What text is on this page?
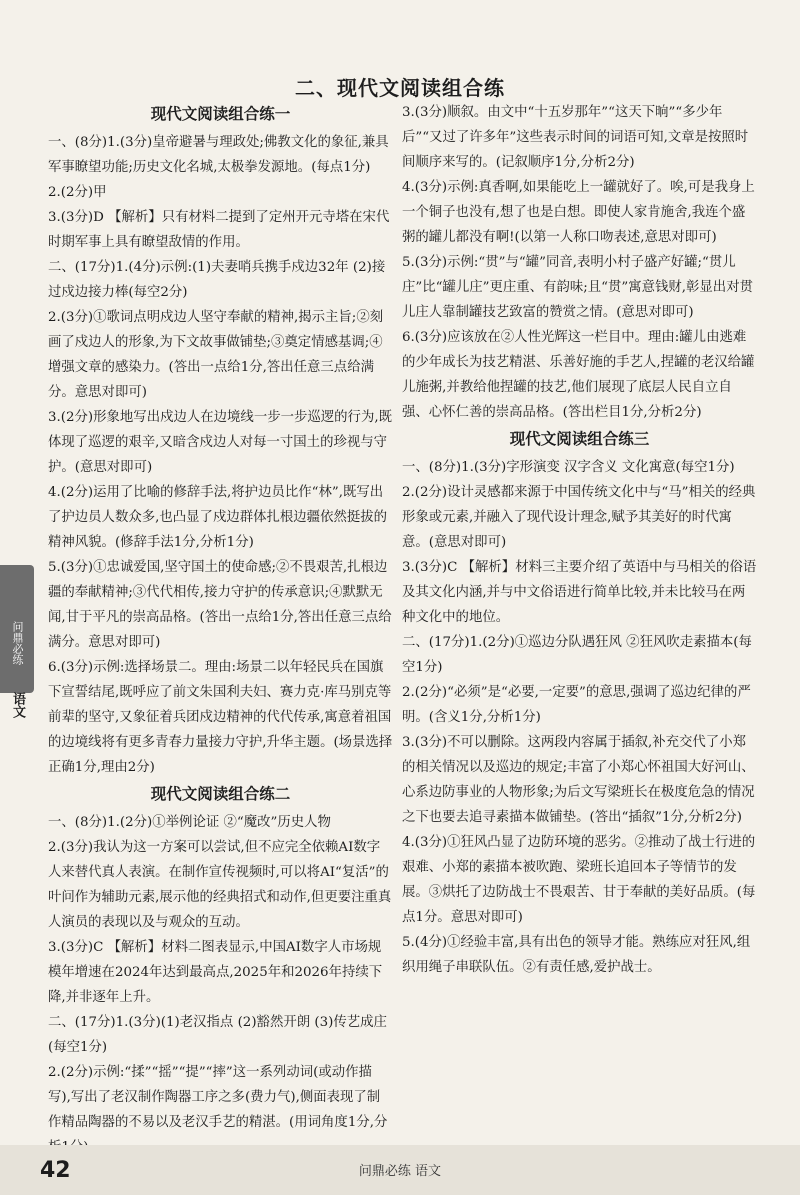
二、现代文阅读组合练
现代文阅读组合练一

一、(8分)1.(3分)皇帝避暑与理政处;佛教文化的象征,兼具军事瞭望功能;历史文化名城,太极拳发源地。(每点1分)

2.(2分)甲

3.(3分)D 【解析】只有材料二提到了定州开元寺塔在宋代时期军事上具有瞭望敌情的作用。

二、(17分)1.(4分)示例:(1)夫妻哨兵携手戍边32年 (2)接过戍边接力棒(每空2分)

2.(3分)①歌词点明戍边人坚守奉献的精神,揭示主旨;②刻画了戍边人的形象,为下文故事做铺垫;③奠定情感基调;④增强文章的感染力。(答出一点给1分,答出任意三点给满分。意思对即可)

3.(2分)形象地写出戍边人在边境线一步一步巡逻的行为,既体现了巡逻的艰辛,又暗含戍边人对每一寸国土的珍视与守护。(意思对即可)

4.(2分)运用了比喻的修辞手法,将护边员比作“林”,既写出了护边员人数众多,也凸显了戍边群体扎根边疆依然挺拔的精神风貌。(修辞手法1分,分析1分)

5.(3分)①忠诚爱国,坚守国土的使命感;②不畏艰苦,扎根边疆的奉献精神;③代代相传,接力守护的传承意识;④默默无闻,甘于平凡的崇高品格。(答出一点给1分,答出任意三点给满分。意思对即可)

6.(3分)示例:选择场景二。理由:场景二以年轻民兵在国旗下宣誓结尾,既呼应了前文朱国利夫妇、赛力克·库马别克等前辈的坚守,又象征着兵团戍边精神的代代传承,寓意着祖国的边境线将有更多青春力量接力守护,升华主题。(场景选择正确1分,理由2分)

现代文阅读组合练二

一、(8分)1.(2分)①举例论证 ②“魔改”历史人物

2.(3分)我认为这一方案可以尝试,但不应完全依赖AI数字人来替代真人表演。在制作宣传视频时,可以将AI“复活”的叶问作为辅助元素,展示他的经典招式和动作,但更要注重真人演员的表现以及与观众的互动。

3.(3分)C 【解析】材料二图表显示,中国AI数字人市场规模年增速在2024年达到最高点,2025年和2026年持续下降,并非逐年上升。

二、(17分)1.(3分)(1)老汉指点 (2)豁然开朗 (3)传艺成庄(每空1分)

2.(2分)示例:“揉”“摇”“提”“摔”这一系列动词(或动作描写),写出了老汉制作陶器工序之多(费力气),侧面表现了制作精品陶器的不易以及老汉手艺的精湛。(用词角度1分,分

3.(3分)顺叙。由文中“十五岁那年”“这天下晌”“多少年后”“又过了许多年”这些表示时间的词语可知,文章是按照时间顺序来写的。(记叙顺序1分,分析2分)

4.(3分)示例:真香啊,如果能吃上一罐就好了。唉,可是我身上一个铜子也没有,想了也是白想。即使人家肯施舍,我连个盛粥的罐儿都没有啊!(以第一人称口吻表述,意思对即可)

5.(3分)示例:“贯”与“罐”同音,表明小村子盛产好罐;“贯儿庄”比“罐儿庄”更庄重、有韵味;且“贯”寓意钱财,彰显出对贯儿庄人靠制罐技艺致富的赞赏之情。(意思对即可)

6.(3分)应该放在②人性光辉这一栏目中。理由:罐儿由逃难的少年成长为技艺精湛、乐善好施的手艺人,捏罐的老汉给罐儿施粥,并教给他捏罐的技艺,他们展现了底层人民自立自强、心怀仁善的崇高品格。(答出栏目1分,分析2分)

现代文阅读组合练三

一、(8分)1.(3分)字形演变 汉字含义 文化寓意(每空1分)

2.(2分)设计灵感都来源于中国传统文化中与“马”相关的经典形象或元素,并融入了现代设计理念,赋予其美好的时代寓意。(意思对即可)

3.(3分)C 【解析】材料三主要介绍了英语中与马相关的俗语及其文化内涵,并与中文俗语进行简单比较,并未比较马在两种文化中的地位。

二、(17分)1.(2分)①巡边分队遇狂风 ②狂风吹走素描本(每空1分)

2.(2分)“必须”是“必要,一定要”的意思,强调了巡边纪律的严明。(含义1分,分析1分)

3.(3分)不可以删除。这两段内容属于插叙,补充交代了小郑的相关情况以及巡边的规定;丰富了小郑心怀祖国大好河山、心系边防事业的人物形象;为后文写梁班长在极度危急的情况之下也要去追寻素描本做铺垫。(答出“插叙”1分,分析2分)

4.(3分)①狂风凸显了边防环境的恶劣。②推动了战士行进的艰难、小郑的素描本被吹跑、梁班长追回本子等情节的发展。③烘托了边防战士不畏艰苦、甘于奉献的美好品质。(每点1分。意思对即可)

5.(4分)①经验丰富,具有出色的领导才能。熟练应对狂风,组织用绳子串联队伍。②有责任感,爱护战士。

问鼎必练
语文
42	问鼎必练 语文
